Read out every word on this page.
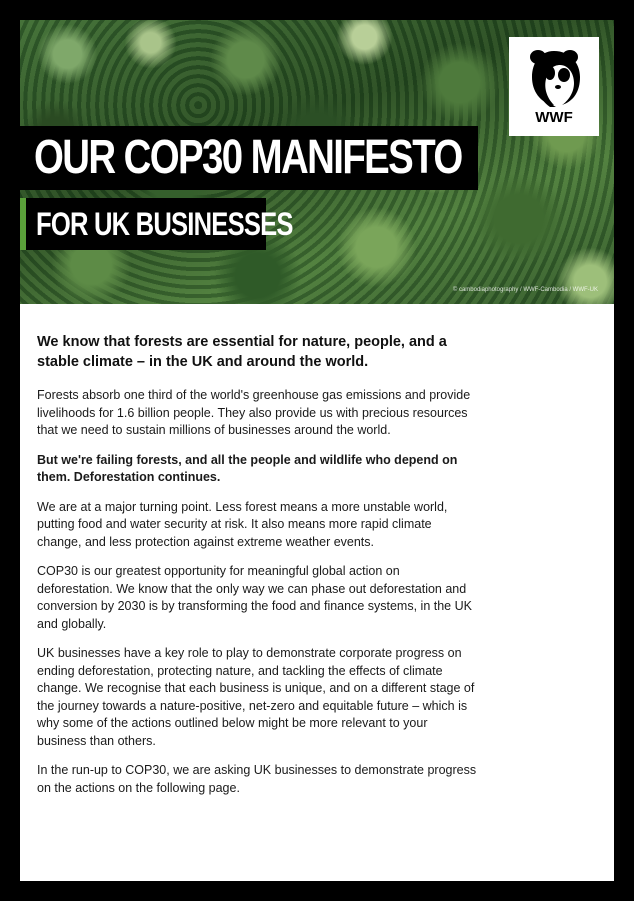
WWF
OUR COP30 MANIFESTO
FOR UK BUSINESSES
© cambodiaphotography / WWF-Cambodia / WWF-UK

We know that forests are essential for nature, people, and a stable climate – in the UK and around the world.

Forests absorb one third of the world's greenhouse gas emissions and provide livelihoods for 1.6 billion people. They also provide us with precious resources that we need to sustain millions of businesses around the world.

But we're failing forests, and all the people and wildlife who depend on them. Deforestation continues.

We are at a major turning point. Less forest means a more unstable world, putting food and water security at risk. It also means more rapid climate change, and less protection against extreme weather events.

COP30 is our greatest opportunity for meaningful global action on deforestation. We know that the only way we can phase out deforestation and conversion by 2030 is by transforming the food and finance systems, in the UK and globally.

UK businesses have a key role to play to demonstrate corporate progress on ending deforestation, protecting nature, and tackling the effects of climate change. We recognise that each business is unique, and on a different stage of the journey towards a nature-positive, net-zero and equitable future – which is why some of the actions outlined below might be more relevant to your business than others.

In the run-up to COP30, we are asking UK businesses to demonstrate progress on the actions on the following page.
